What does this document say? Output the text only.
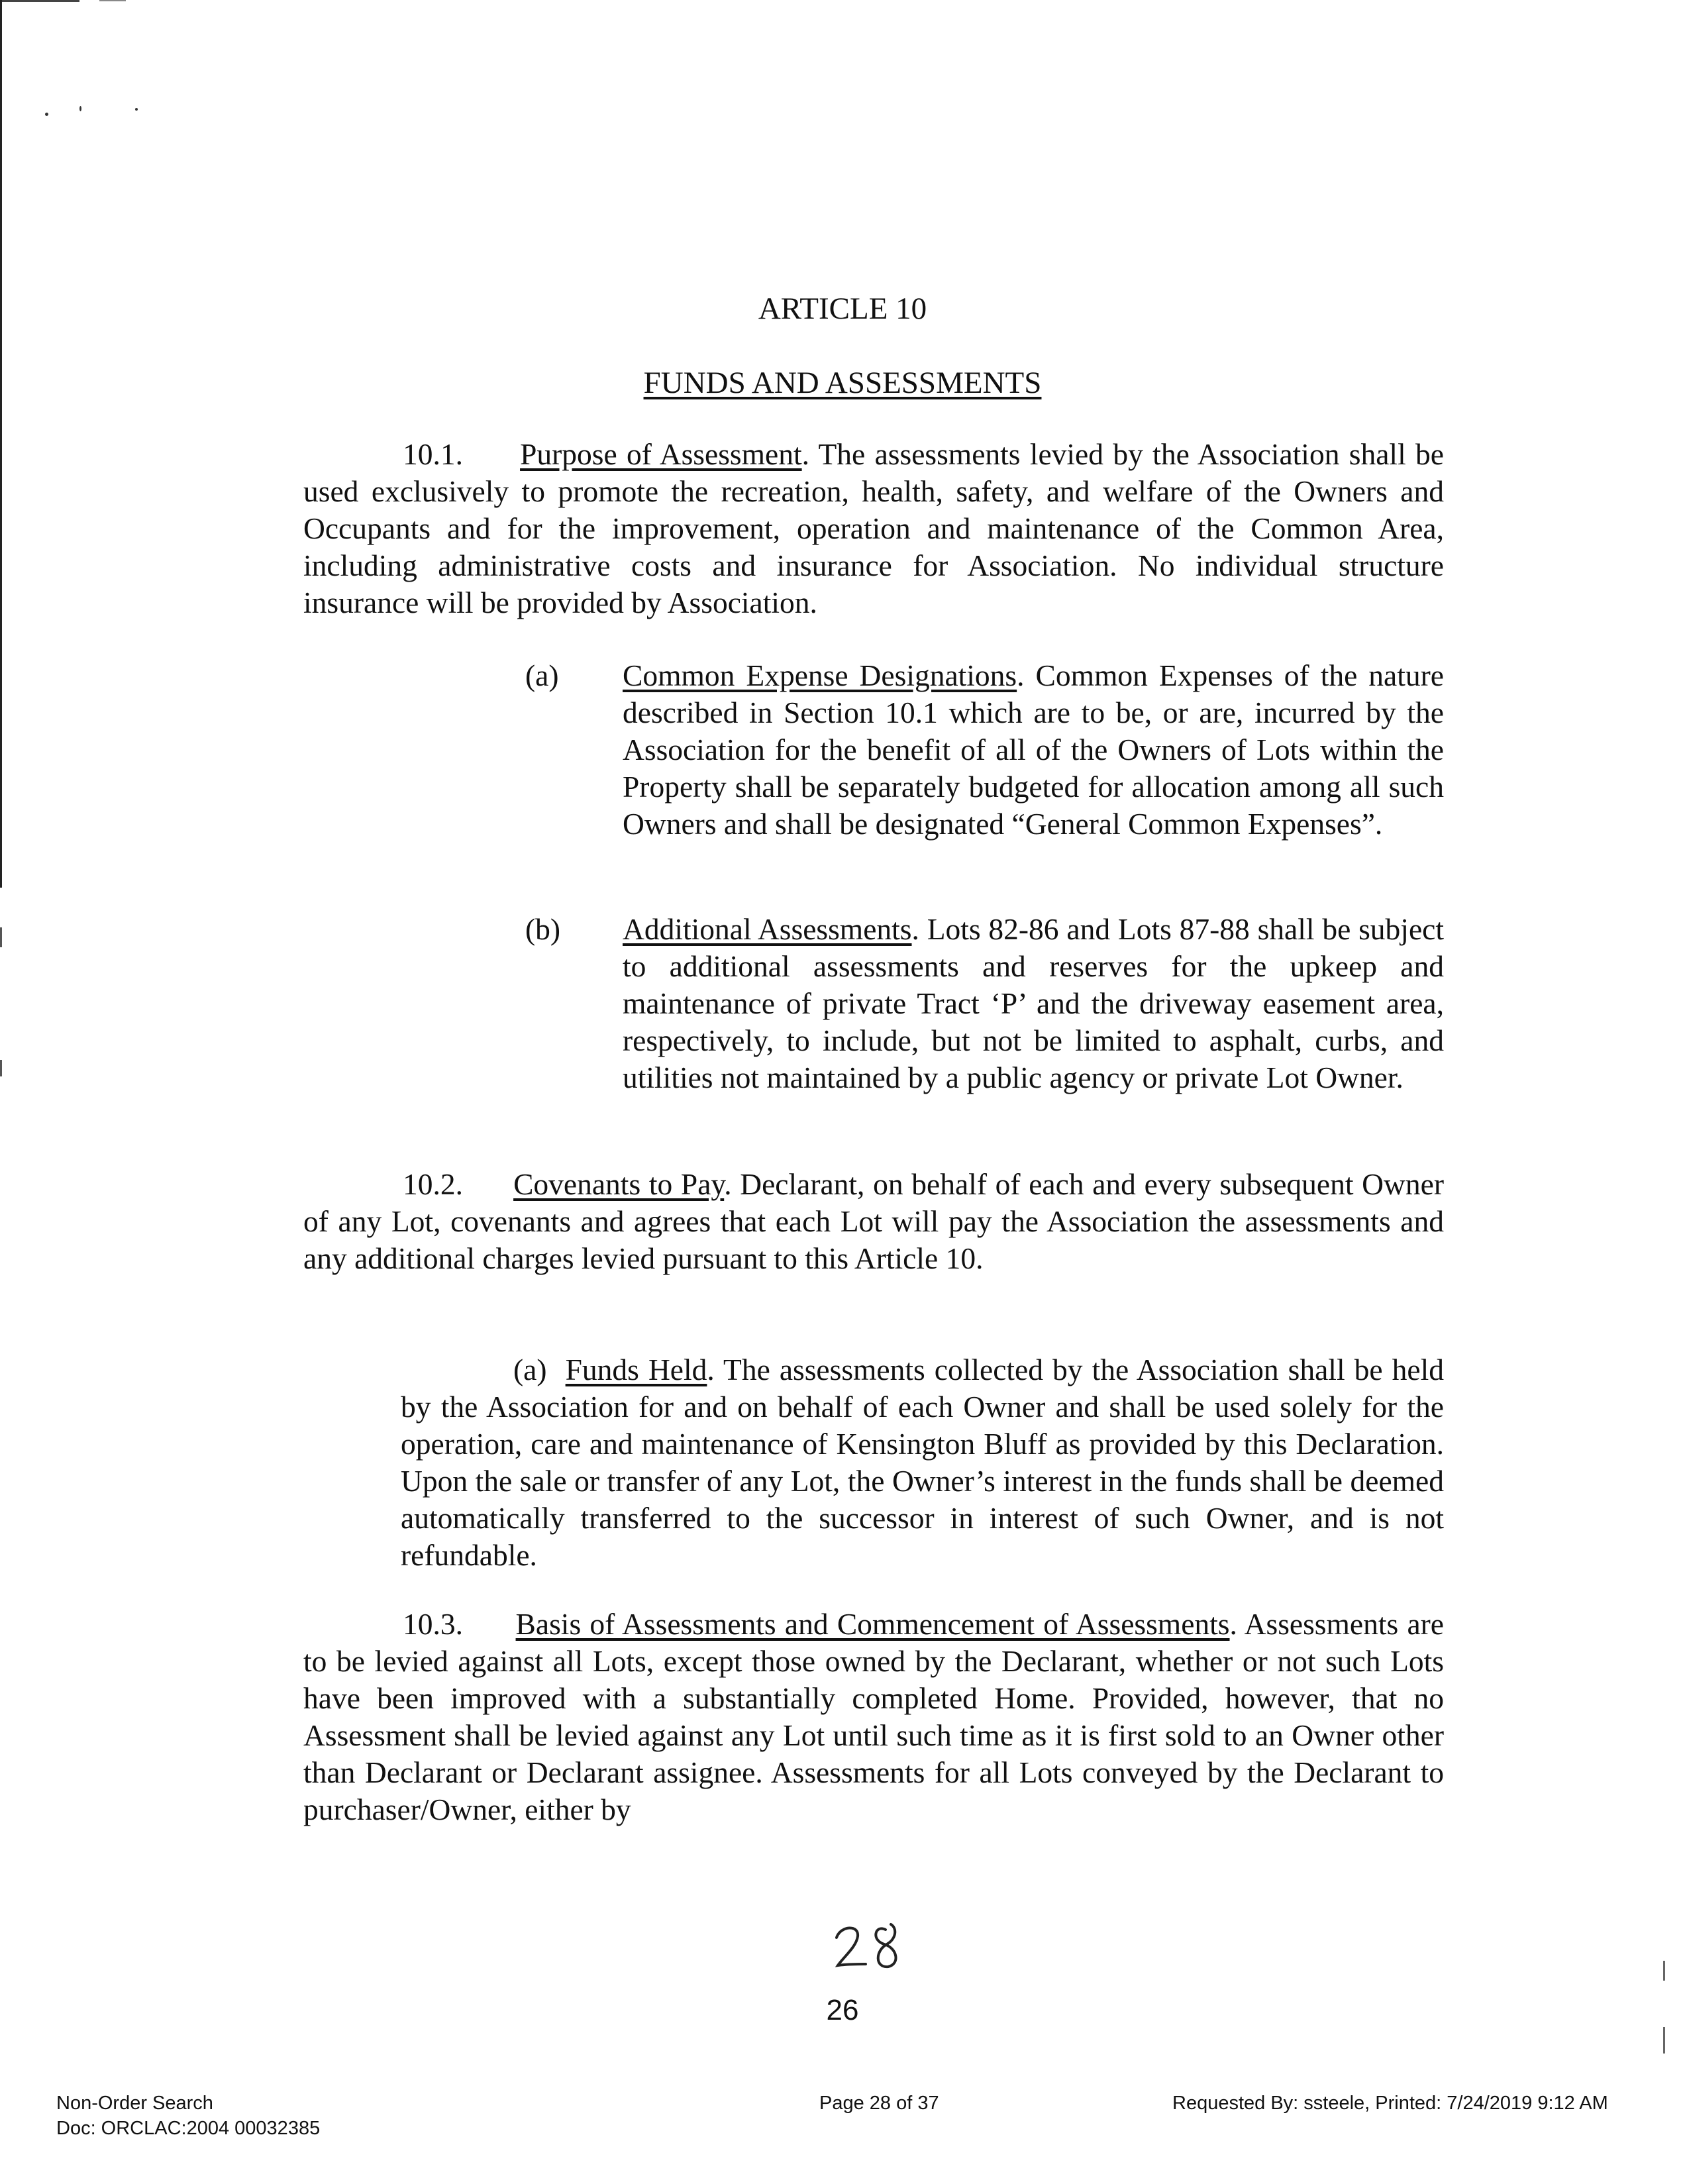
ARTICLE 10
FUNDS AND ASSESSMENTS

10.1. Purpose of Assessment. The assessments levied by the Association shall be used exclusively to promote the recreation, health, safety, and welfare of the Owners and Occupants and for the improvement, operation and maintenance of the Common Area, including administrative costs and insurance for Association. No individual structure insurance will be provided by Association.

(a) Common Expense Designations. Common Expenses of the nature described in Section 10.1 which are to be, or are, incurred by the Association for the benefit of all of the Owners of Lots within the Property shall be separately budgeted for allocation among all such Owners and shall be designated “General Common Expenses”.

(b) Additional Assessments. Lots 82-86 and Lots 87-88 shall be subject to additional assessments and reserves for the upkeep and maintenance of private Tract ‘P’ and the driveway easement area, respectively, to include, but not be limited to asphalt, curbs, and utilities not maintained by a public agency or private Lot Owner.

10.2. Covenants to Pay. Declarant, on behalf of each and every subsequent Owner of any Lot, covenants and agrees that each Lot will pay the Association the assessments and any additional charges levied pursuant to this Article 10.

(a) Funds Held. The assessments collected by the Association shall be held by the Association for and on behalf of each Owner and shall be used solely for the operation, care and maintenance of Kensington Bluff as provided by this Declaration. Upon the sale or transfer of any Lot, the Owner’s interest in the funds shall be deemed automatically transferred to the successor in interest of such Owner, and is not refundable.

10.3. Basis of Assessments and Commencement of Assessments. Assessments are to be levied against all Lots, except those owned by the Declarant, whether or not such Lots have been improved with a substantially completed Home. Provided, however, that no Assessment shall be levied against any Lot until such time as it is first sold to an Owner other than Declarant or Declarant assignee. Assessments for all Lots conveyed by the Declarant to purchaser/Owner, either by

26
Non-Order Search
Doc: ORCLAC:2004 00032385
Page 28 of 37	Requested By: ssteele, Printed: 7/24/2019 9:12 AM
